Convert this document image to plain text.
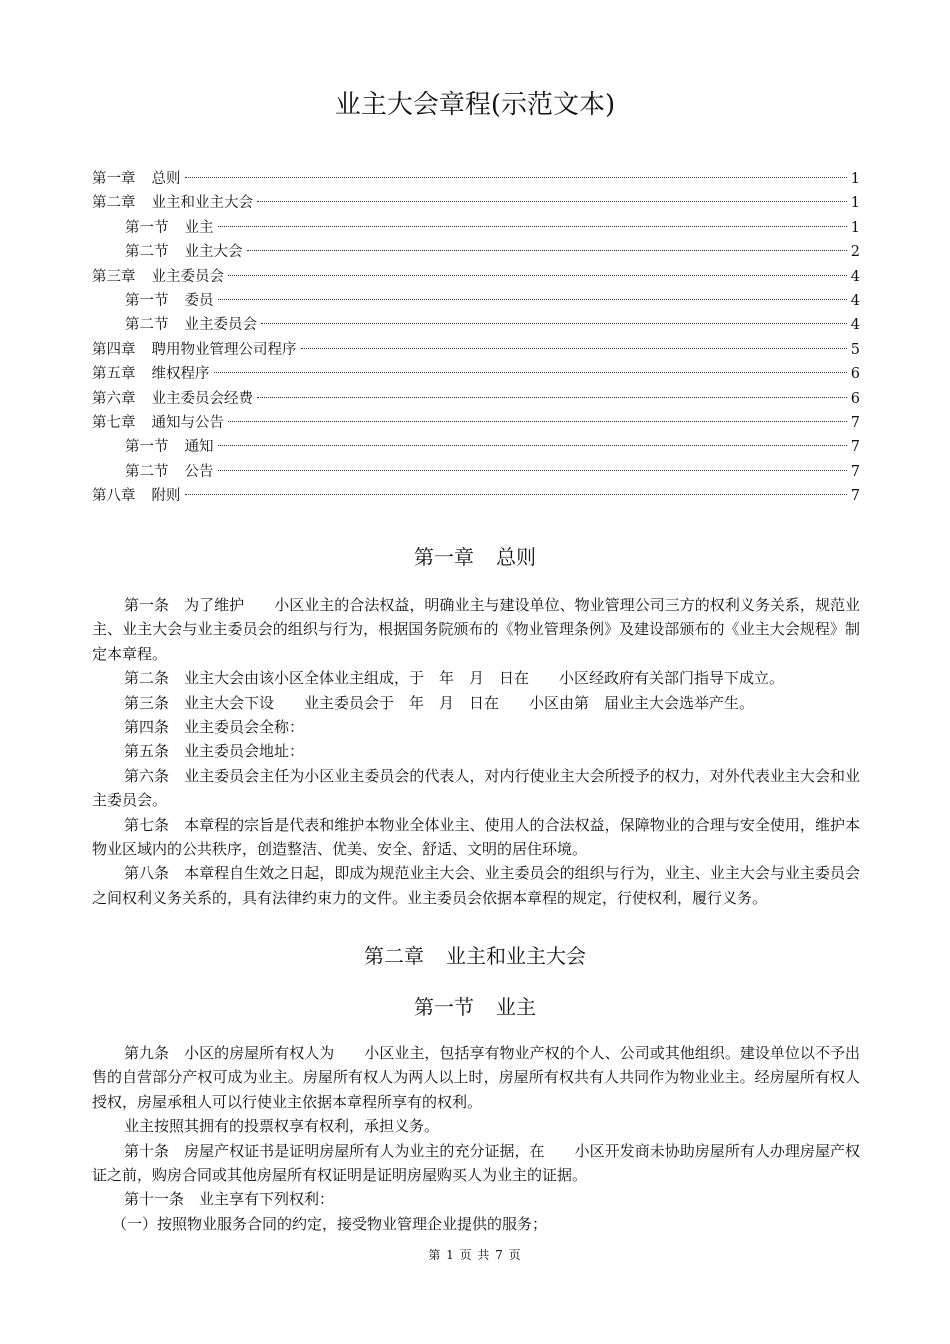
业主大会章程(示范文本)
第一章 总则	1
第二章 业主和业主大会	1
第一节 业主	1
第二节 业主大会	2
第三章 业主委员会	4
第一节 委员	4
第二节 业主委员会	4
第四章 聘用物业管理公司程序	5
第五章 维权程序	6
第六章 业主委员会经费	6
第七章 通知与公告	7
第一节 通知	7
第二节 公告	7
第八章 附则	7
第一章 总则

第一条　为了维护　　小区业主的合法权益，明确业主与建设单位、物业管理公司三方的权利义务关系，规范业主、业主大会与业主委员会的组织与行为，根据国务院颁布的《物业管理条例》及建设部颁布的《业主大会规程》制定本章程。

第二条　业主大会由该小区全体业主组成，于　年　月　日在　　小区经政府有关部门指导下成立。

第三条　业主大会下设　　业主委员会于　年　月　日在　　小区由第　届业主大会选举产生。

第四条　业主委员会全称：

第五条　业主委员会地址：

第六条　业主委员会主任为小区业主委员会的代表人，对内行使业主大会所授予的权力，对外代表业主大会和业主委员会。

第七条　本章程的宗旨是代表和维护本物业全体业主、使用人的合法权益，保障物业的合理与安全使用，维护本物业区域内的公共秩序，创造整洁、优美、安全、舒适、文明的居住环境。

第八条　本章程自生效之日起，即成为规范业主大会、业主委员会的组织与行为，业主、业主大会与业主委员会之间权利义务关系的，具有法律约束力的文件。业主委员会依据本章程的规定，行使权利，履行义务。

第二章 业主和业主大会
第一节 业主

第九条　小区的房屋所有权人为　　小区业主，包括享有物业产权的个人、公司或其他组织。建设单位以不予出售的自营部分产权可成为业主。房屋所有权人为两人以上时，房屋所有权共有人共同作为物业业主。经房屋所有权人授权，房屋承租人可以行使业主依据本章程所享有的权利。

业主按照其拥有的投票权享有权利，承担义务。

第十条　房屋产权证书是证明房屋所有人为业主的充分证据，在　　小区开发商未协助房屋所有人办理房屋产权证之前，购房合同或其他房屋所有权证明是证明房屋购买人为业主的证据。

第十一条　业主享有下列权利：

（一）按照物业服务合同的约定，接受物业管理企业提供的服务；

第 1 页 共 7 页
